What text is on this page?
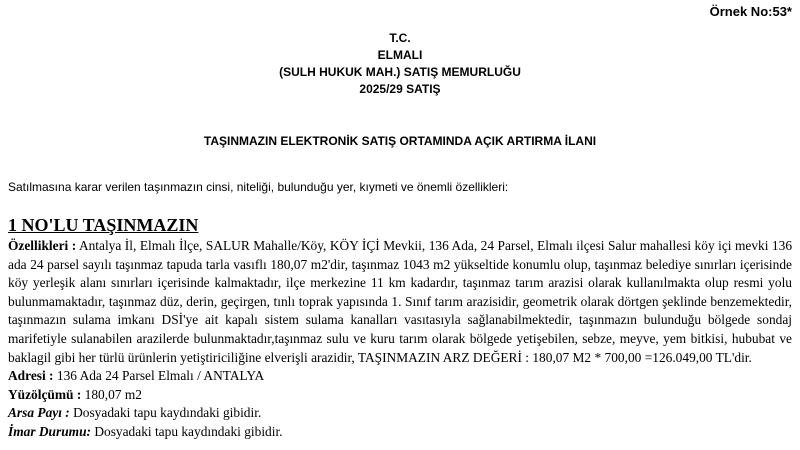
Örnek No:53*
T.C.
ELMALI
(SULH HUKUK MAH.) SATIŞ MEMURLUĞU
2025/29 SATIŞ
TAŞINMAZIN ELEKTRONİK SATIŞ ORTAMINDA AÇIK ARTIRMA İLANI
Satılmasına karar verilen taşınmazın cinsi, niteliği, bulunduğu yer, kıymeti ve önemli özellikleri:
1 NO'LU TAŞINMAZIN
Özellikleri : Antalya İl, Elmalı İlçe, SALUR Mahalle/Köy, KÖY İÇİ Mevkii, 136 Ada, 24 Parsel, Elmalı ilçesi Salur mahallesi köy içi mevki 136 ada 24 parsel sayılı taşınmaz tapuda tarla vasıflı 180,07 m2'dir, taşınmaz 1043 m2 yükseltide konumlu olup, taşınmaz belediye sınırları içerisinde köy yerleşik alanı sınırları içerisinde kalmaktadır, ilçe merkezine 11 km kadardır, taşınmaz tarım arazisi olarak kullanılmakta olup resmi yolu bulunmamaktadır, taşınmaz düz, derin, geçirgen, tınlı toprak yapısında 1. Sınıf tarım arazisidir, geometrik olarak dörtgen şeklinde benzemektedir, taşınmazın sulama imkanı DSİ'ye ait kapalı sistem sulama kanalları vasıtasıyla sağlanabilmektedir, taşınmazın bulunduğu bölgede sondaj marifetiyle sulanabilen arazilerde bulunmaktadır,taşınmaz sulu ve kuru tarım olarak bölgede yetişebilen, sebze, meyve, yem bitkisi, hububat ve baklagil gibi her türlü ürünlerin yetiştiriciliğine elverişli arazidir, TAŞINMAZIN ARZ DEĞERİ : 180,07 M2 * 700,00 =126.049,00 TL'dir.
Adresi : 136 Ada 24 Parsel Elmalı / ANTALYA
Yüzölçümü : 180,07 m2
Arsa Payı : Dosyadaki tapu kaydındaki gibidir.
İmar Durumu: Dosyadaki tapu kaydındaki gibidir.
